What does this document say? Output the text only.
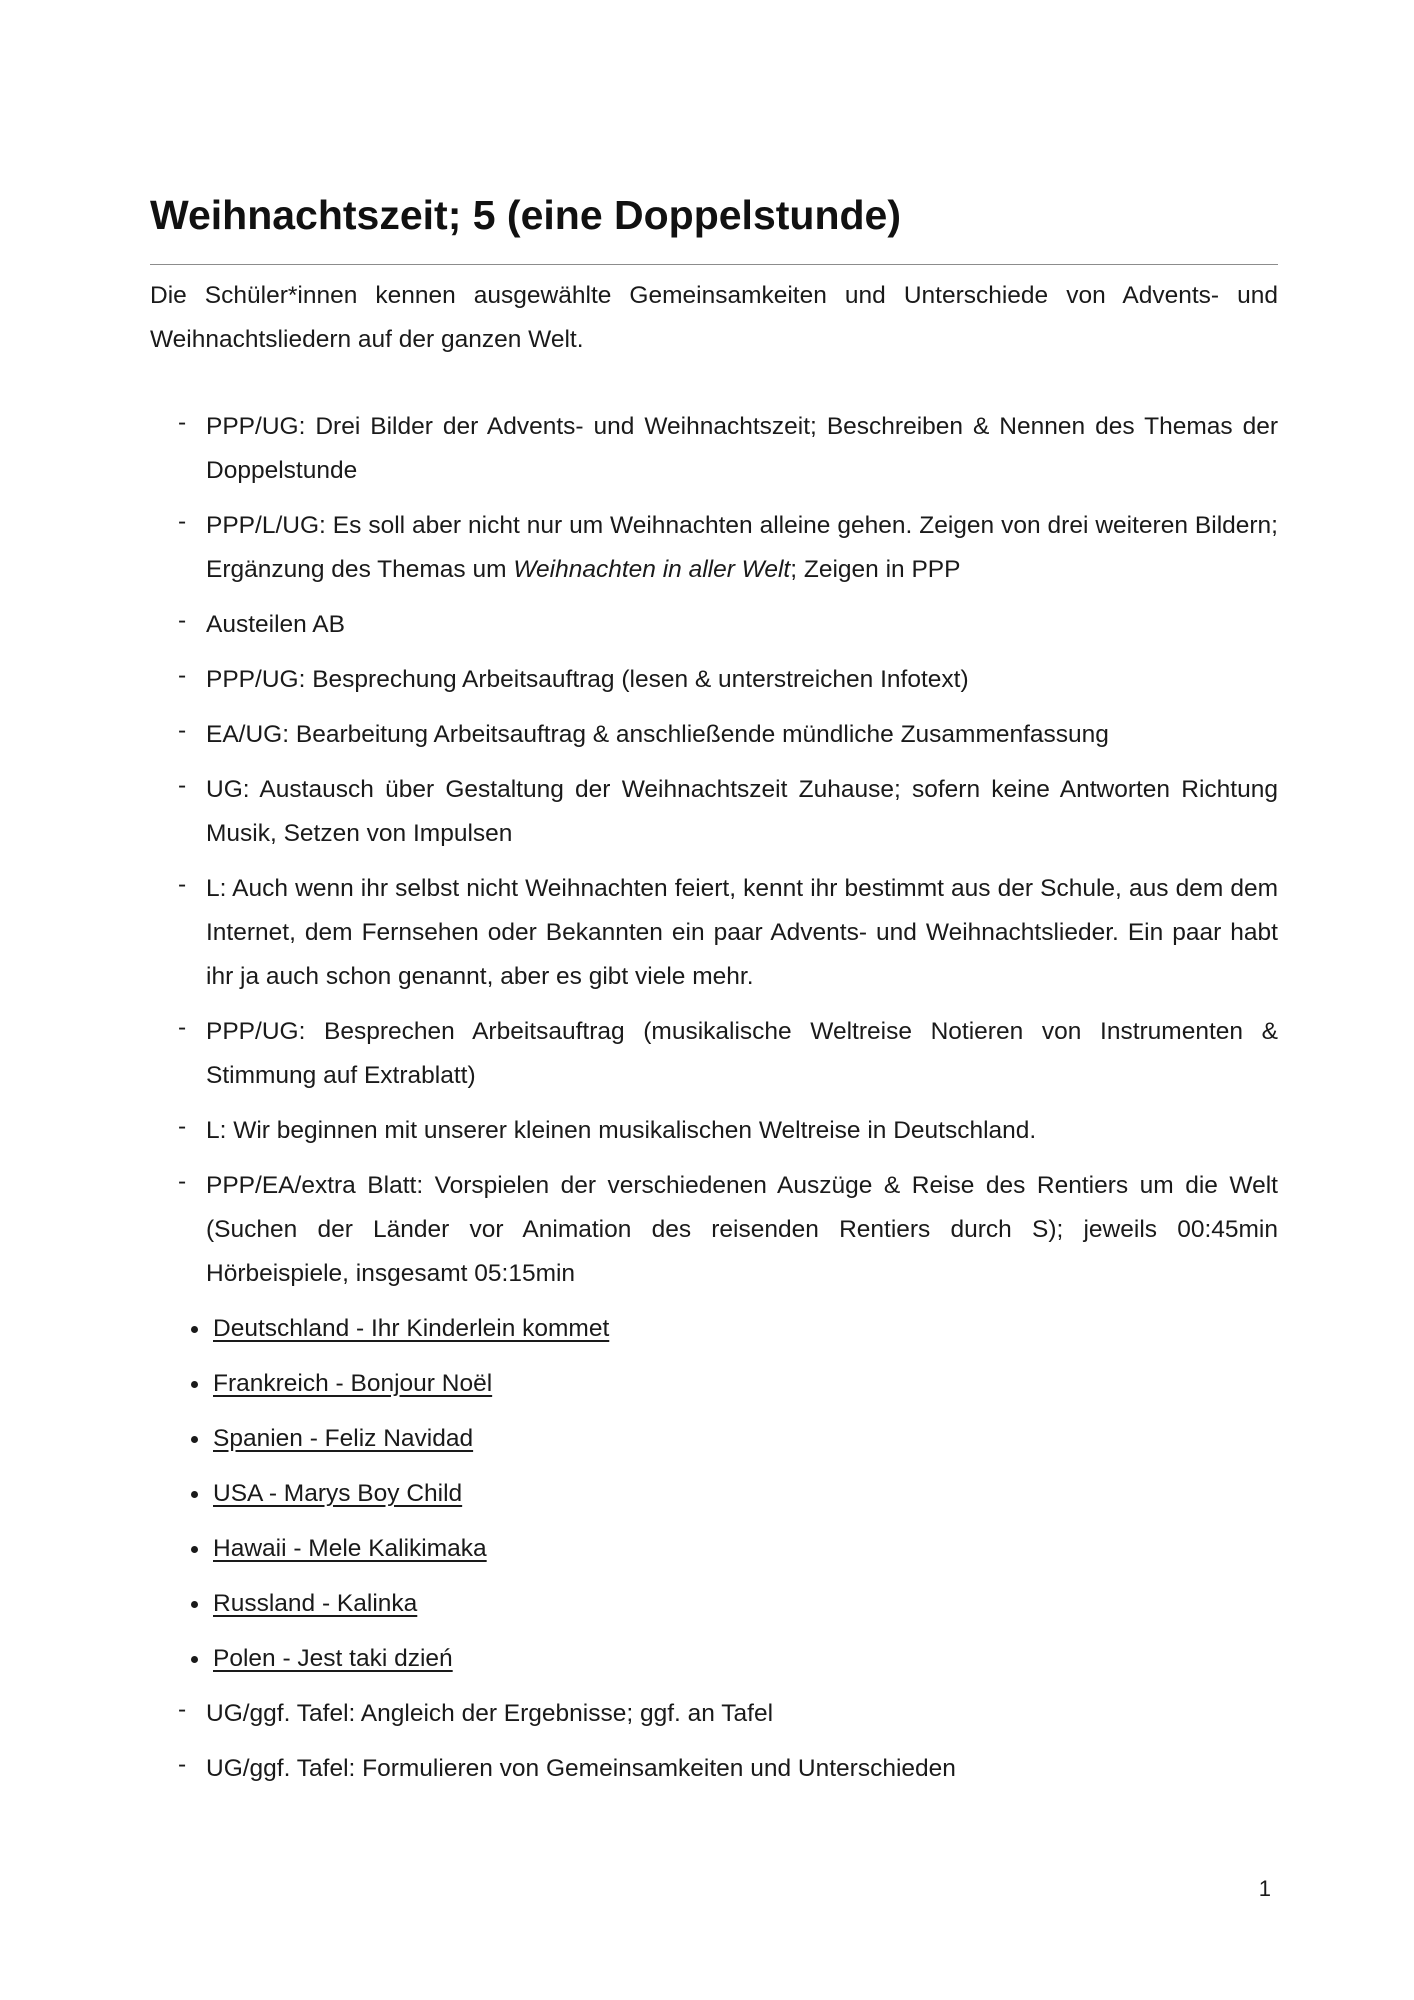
Weihnachtszeit; 5 (eine Doppelstunde)

Die Schüler*innen kennen ausgewählte Gemeinsamkeiten und Unterschiede von Advents- und Weihnachtsliedern auf der ganzen Welt.

- PPP/UG: Drei Bilder der Advents- und Weihnachtszeit; Beschreiben & Nennen des Themas der Doppelstunde
- PPP/L/UG: Es soll aber nicht nur um Weihnachten alleine gehen. Zeigen von drei weiteren Bildern; Ergänzung des Themas um Weihnachten in aller Welt; Zeigen in PPP
- Austeilen AB
- PPP/UG: Besprechung Arbeitsauftrag (lesen & unterstreichen Infotext)
- EA/UG: Bearbeitung Arbeitsauftrag & anschließende mündliche Zusammenfassung
- UG: Austausch über Gestaltung der Weihnachtszeit Zuhause; sofern keine Antworten Richtung Musik, Setzen von Impulsen
- L: Auch wenn ihr selbst nicht Weihnachten feiert, kennt ihr bestimmt aus der Schule, aus dem dem Internet, dem Fernsehen oder Bekannten ein paar Advents- und Weihnachtslieder. Ein paar habt ihr ja auch schon genannt, aber es gibt viele mehr.
- PPP/UG: Besprechen Arbeitsauftrag (musikalische Weltreise Notieren von Instrumenten & Stimmung auf Extrablatt)
- L: Wir beginnen mit unserer kleinen musikalischen Weltreise in Deutschland.
- PPP/EA/extra Blatt: Vorspielen der verschiedenen Auszüge & Reise des Rentiers um die Welt (Suchen der Länder vor Animation des reisenden Rentiers durch S); jeweils 00:45min Hörbeispiele, insgesamt 05:15min
Deutschland - Ihr Kinderlein kommet
Frankreich - Bonjour Noël
Spanien - Feliz Navidad
USA - Marys Boy Child
Hawaii - Mele Kalikimaka
Russland - Kalinka
Polen - Jest taki dzień
- UG/ggf. Tafel: Angleich der Ergebnisse; ggf. an Tafel
- UG/ggf. Tafel: Formulieren von Gemeinsamkeiten und Unterschieden
1
